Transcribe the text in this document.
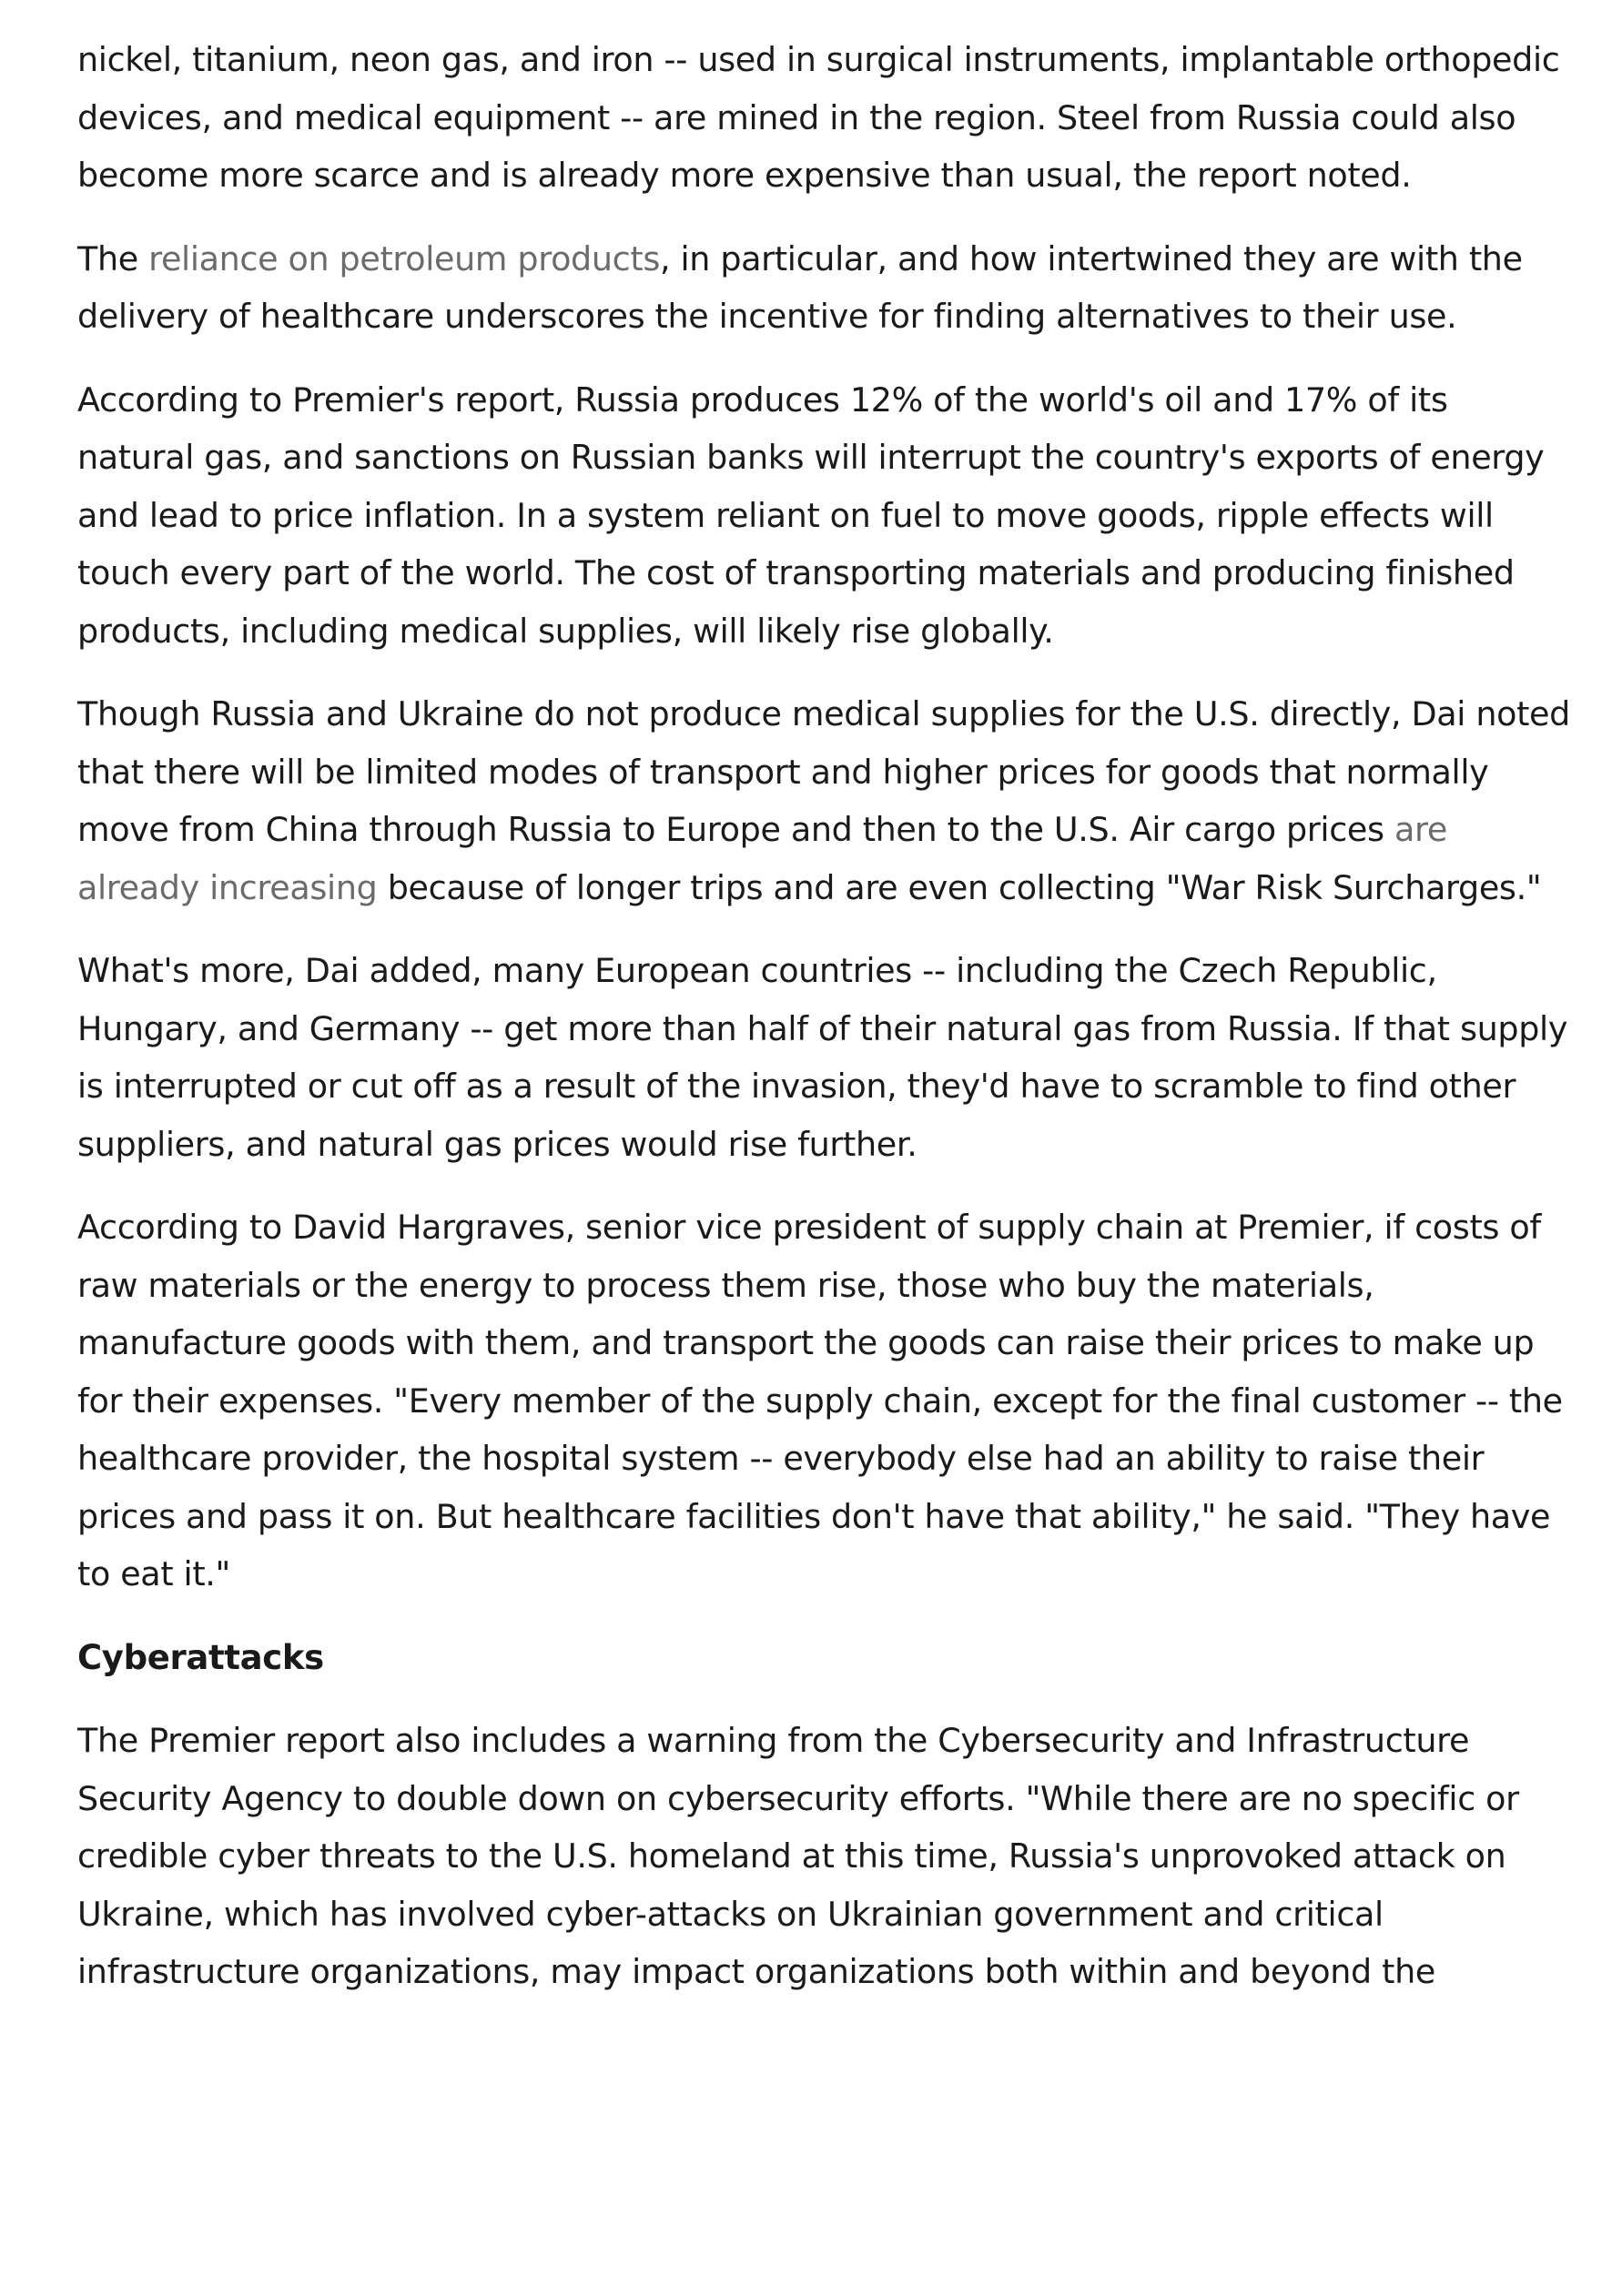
nickel, titanium, neon gas, and iron -- used in surgical instruments, implantable orthopedic devices, and medical equipment -- are mined in the region. Steel from Russia could also become more scarce and is already more expensive than usual, the report noted.

The reliance on petroleum products, in particular, and how intertwined they are with the delivery of healthcare underscores the incentive for finding alternatives to their use.

According to Premier's report, Russia produces 12% of the world's oil and 17% of its natural gas, and sanctions on Russian banks will interrupt the country's exports of energy and lead to price inflation. In a system reliant on fuel to move goods, ripple effects will touch every part of the world. The cost of transporting materials and producing finished products, including medical supplies, will likely rise globally.

Though Russia and Ukraine do not produce medical supplies for the U.S. directly, Dai noted that there will be limited modes of transport and higher prices for goods that normally move from China through Russia to Europe and then to the U.S. Air cargo prices are already increasing because of longer trips and are even collecting "War Risk Surcharges."

What's more, Dai added, many European countries -- including the Czech Republic, Hungary, and Germany -- get more than half of their natural gas from Russia. If that supply is interrupted or cut off as a result of the invasion, they'd have to scramble to find other suppliers, and natural gas prices would rise further.

According to David Hargraves, senior vice president of supply chain at Premier, if costs of raw materials or the energy to process them rise, those who buy the materials, manufacture goods with them, and transport the goods can raise their prices to make up for their expenses. "Every member of the supply chain, except for the final customer -- the healthcare provider, the hospital system -- everybody else had an ability to raise their prices and pass it on. But healthcare facilities don't have that ability," he said. "They have to eat it."

Cyberattacks

The Premier report also includes a warning from the Cybersecurity and Infrastructure Security Agency to double down on cybersecurity efforts. "While there are no specific or credible cyber threats to the U.S. homeland at this time, Russia's unprovoked attack on Ukraine, which has involved cyber-attacks on Ukrainian government and critical infrastructure organizations, may impact organizations both within and beyond the
